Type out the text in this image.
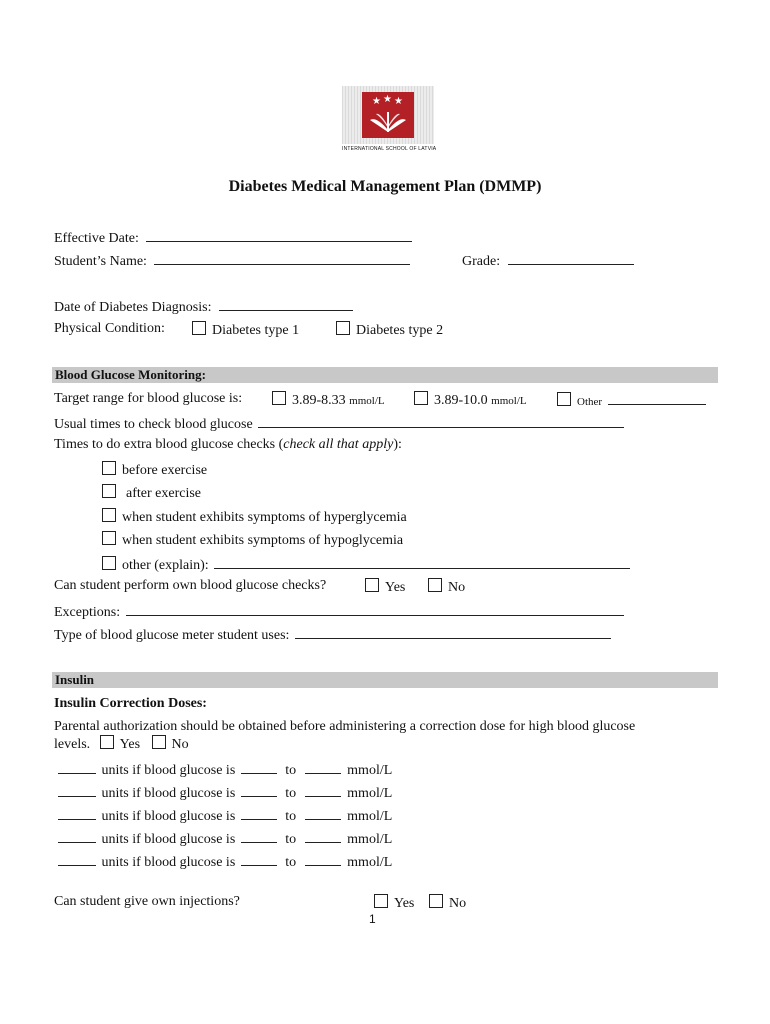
★ ★ ★
INTERNATIONAL SCHOOL OF LATVIA
Diabetes Medical Management Plan (DMMP)
Effective Date:
Student’s Name:	Grade:
Date of Diabetes Diagnosis:
Physical Condition:	Diabetes type 1	Diabetes type 2
Blood Glucose Monitoring:
Target range for blood glucose is:	3.89-8.33 mmol/L	3.89-10.0 mmol/L	Other
Usual times to check blood glucose
Times to do extra blood glucose checks (check all that apply):
before exercise
after exercise
when student exhibits symptoms of hyperglycemia
when student exhibits symptoms of hypoglycemia
other (explain):
Can student perform own blood glucose checks?	Yes	No
Exceptions:
Type of blood glucose meter student uses:
Insulin
Insulin Correction Doses:
Parental authorization should be obtained before administering a correction dose for high blood glucose
levels. Yes No
units if blood glucose is	to	mmol/L
units if blood glucose is	to	mmol/L
units if blood glucose is	to	mmol/L
units if blood glucose is	to	mmol/L
units if blood glucose is	to	mmol/L
Can student give own injections?	Yes	No
1
